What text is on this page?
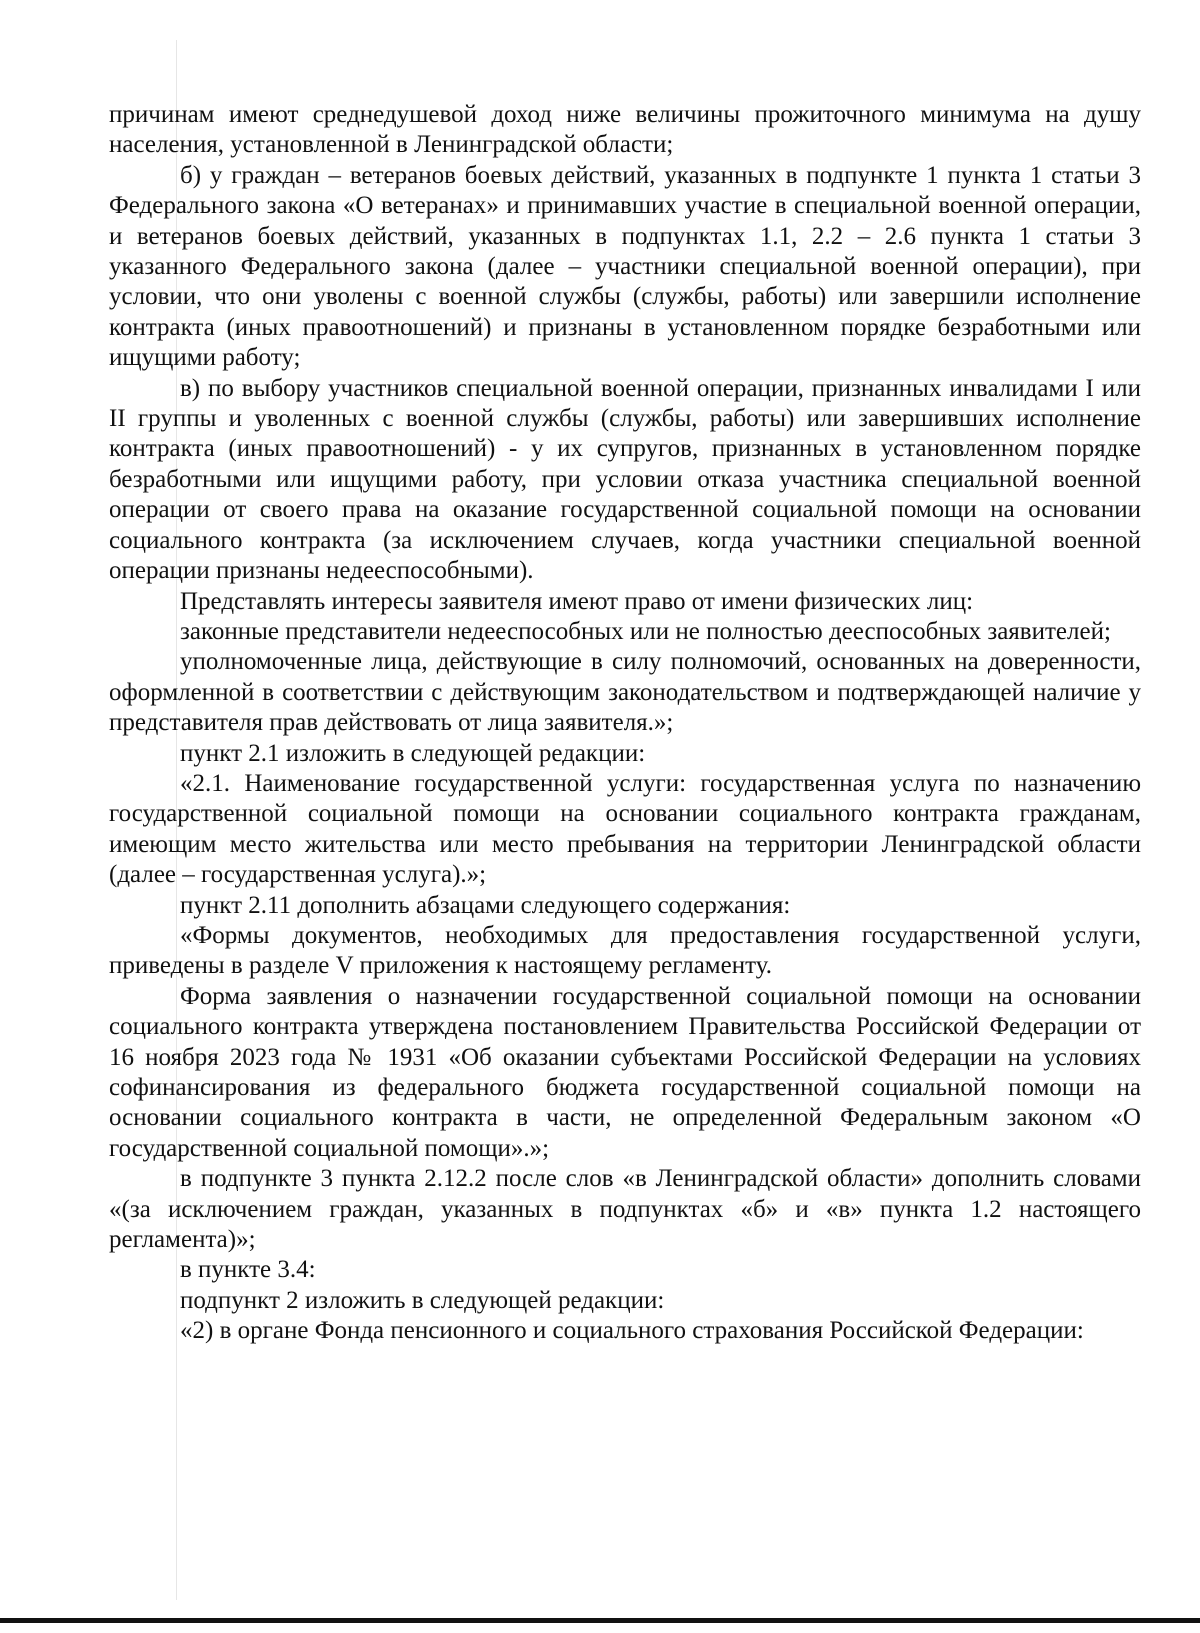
причинам имеют среднедушевой доход ниже величины прожиточного минимума на душу населения, установленной в Ленинградской области;

б) у граждан – ветеранов боевых действий, указанных в подпункте 1 пункта 1 статьи 3 Федерального закона «О ветеранах» и принимавших участие в специальной военной операции, и ветеранов боевых действий, указанных в подпунктах 1.1, 2.2 – 2.6 пункта 1 статьи 3 указанного Федерального закона (далее – участники специальной военной операции), при условии, что они уволены с военной службы (службы, работы) или завершили исполнение контракта (иных правоотношений) и признаны в установленном порядке безработными или ищущими работу;

в) по выбору участников специальной военной операции, признанных инвалидами I или II группы и уволенных с военной службы (службы, работы) или завершивших исполнение контракта (иных правоотношений) - у их супругов, признанных в установленном порядке безработными или ищущими работу, при условии отказа участника специальной военной операции от своего права на оказание государственной социальной помощи на основании социального контракта (за исключением случаев, когда участники специальной военной операции признаны недееспособными).

Представлять интересы заявителя имеют право от имени физических лиц:

законные представители недееспособных или не полностью дееспособных заявителей;

уполномоченные лица, действующие в силу полномочий, основанных на доверенности, оформленной в соответствии с действующим законодательством и подтверждающей наличие у представителя прав действовать от лица заявителя.»;

пункт 2.1 изложить в следующей редакции:

«2.1. Наименование государственной услуги: государственная услуга по назначению государственной социальной помощи на основании социального контракта гражданам, имеющим место жительства или место пребывания на территории Ленинградской области (далее – государственная услуга).»;

пункт 2.11 дополнить абзацами следующего содержания:

«Формы документов, необходимых для предоставления государственной услуги, приведены в разделе V приложения к настоящему регламенту.

Форма заявления о назначении государственной социальной помощи на основании социального контракта утверждена постановлением Правительства Российской Федерации от 16 ноября 2023 года № 1931 «Об оказании субъектами Российской Федерации на условиях софинансирования из федерального бюджета государственной социальной помощи на основании социального контракта в части, не определенной Федеральным законом «О государственной социальной помощи».»;

в подпункте 3 пункта 2.12.2 после слов «в Ленинградской области» дополнить словами «(за исключением граждан, указанных в подпунктах «б» и «в» пункта 1.2 настоящего регламента)»;

в пункте 3.4:

подпункт 2 изложить в следующей редакции:

«2) в органе Фонда пенсионного и социального страхования Российской Федерации:
